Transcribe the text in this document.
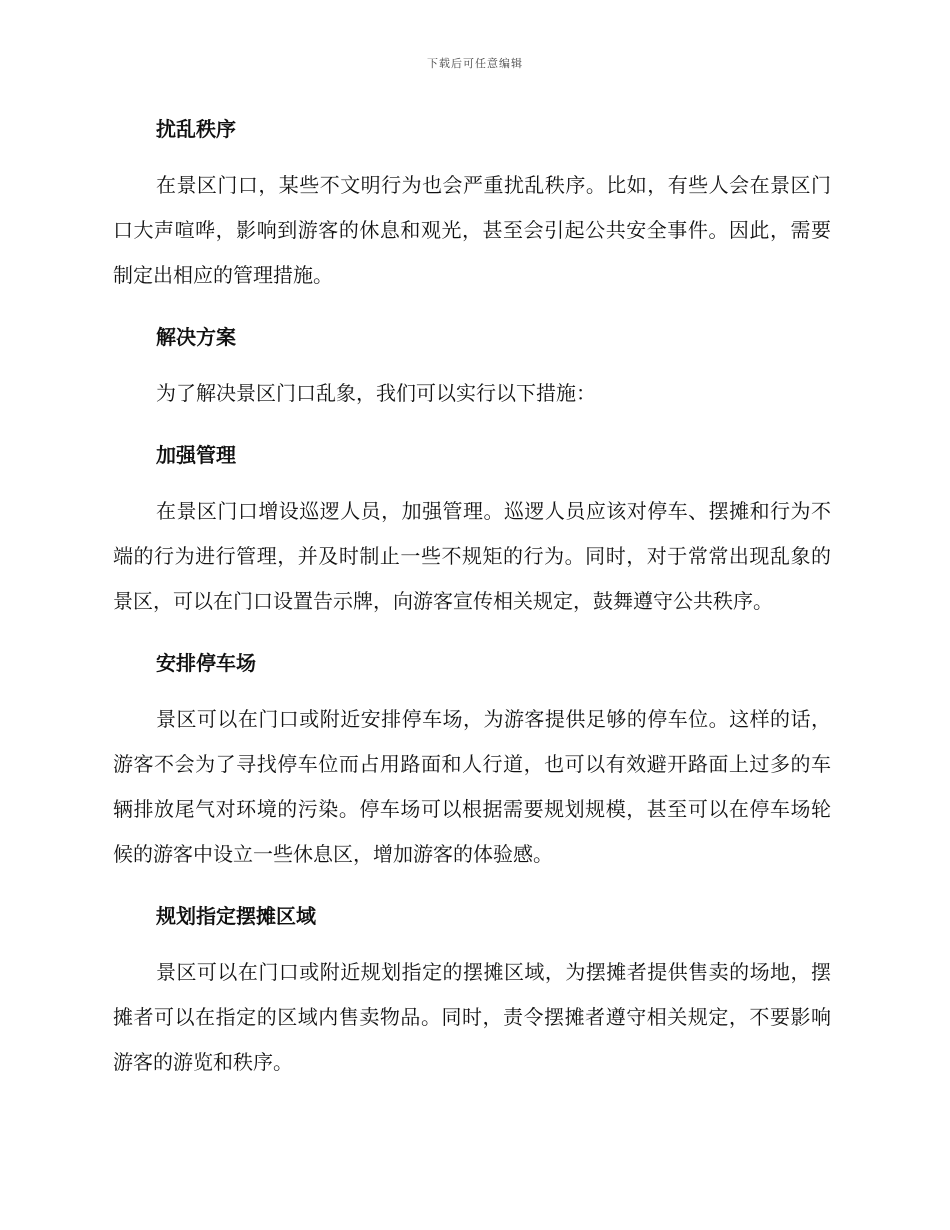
下载后可任意编辑
扰乱秩序

在景区门口，某些不文明行为也会严重扰乱秩序。比如，有些人会在景区门口大声喧哗，影响到游客的休息和观光，甚至会引起公共安全事件。因此，需要制定出相应的管理措施。

解决方案

为了解决景区门口乱象，我们可以实行以下措施：

加强管理

在景区门口增设巡逻人员，加强管理。巡逻人员应该对停车、摆摊和行为不端的行为进行管理，并及时制止一些不规矩的行为。同时，对于常常出现乱象的景区，可以在门口设置告示牌，向游客宣传相关规定，鼓舞遵守公共秩序。

安排停车场

景区可以在门口或附近安排停车场，为游客提供足够的停车位。这样的话，游客不会为了寻找停车位而占用路面和人行道，也可以有效避开路面上过多的车辆排放尾气对环境的污染。停车场可以根据需要规划规模，甚至可以在停车场轮候的游客中设立一些休息区，增加游客的体验感。

规划指定摆摊区域

景区可以在门口或附近规划指定的摆摊区域，为摆摊者提供售卖的场地，摆摊者可以在指定的区域内售卖物品。同时，责令摆摊者遵守相关规定，不要影响游客的游览和秩序。
